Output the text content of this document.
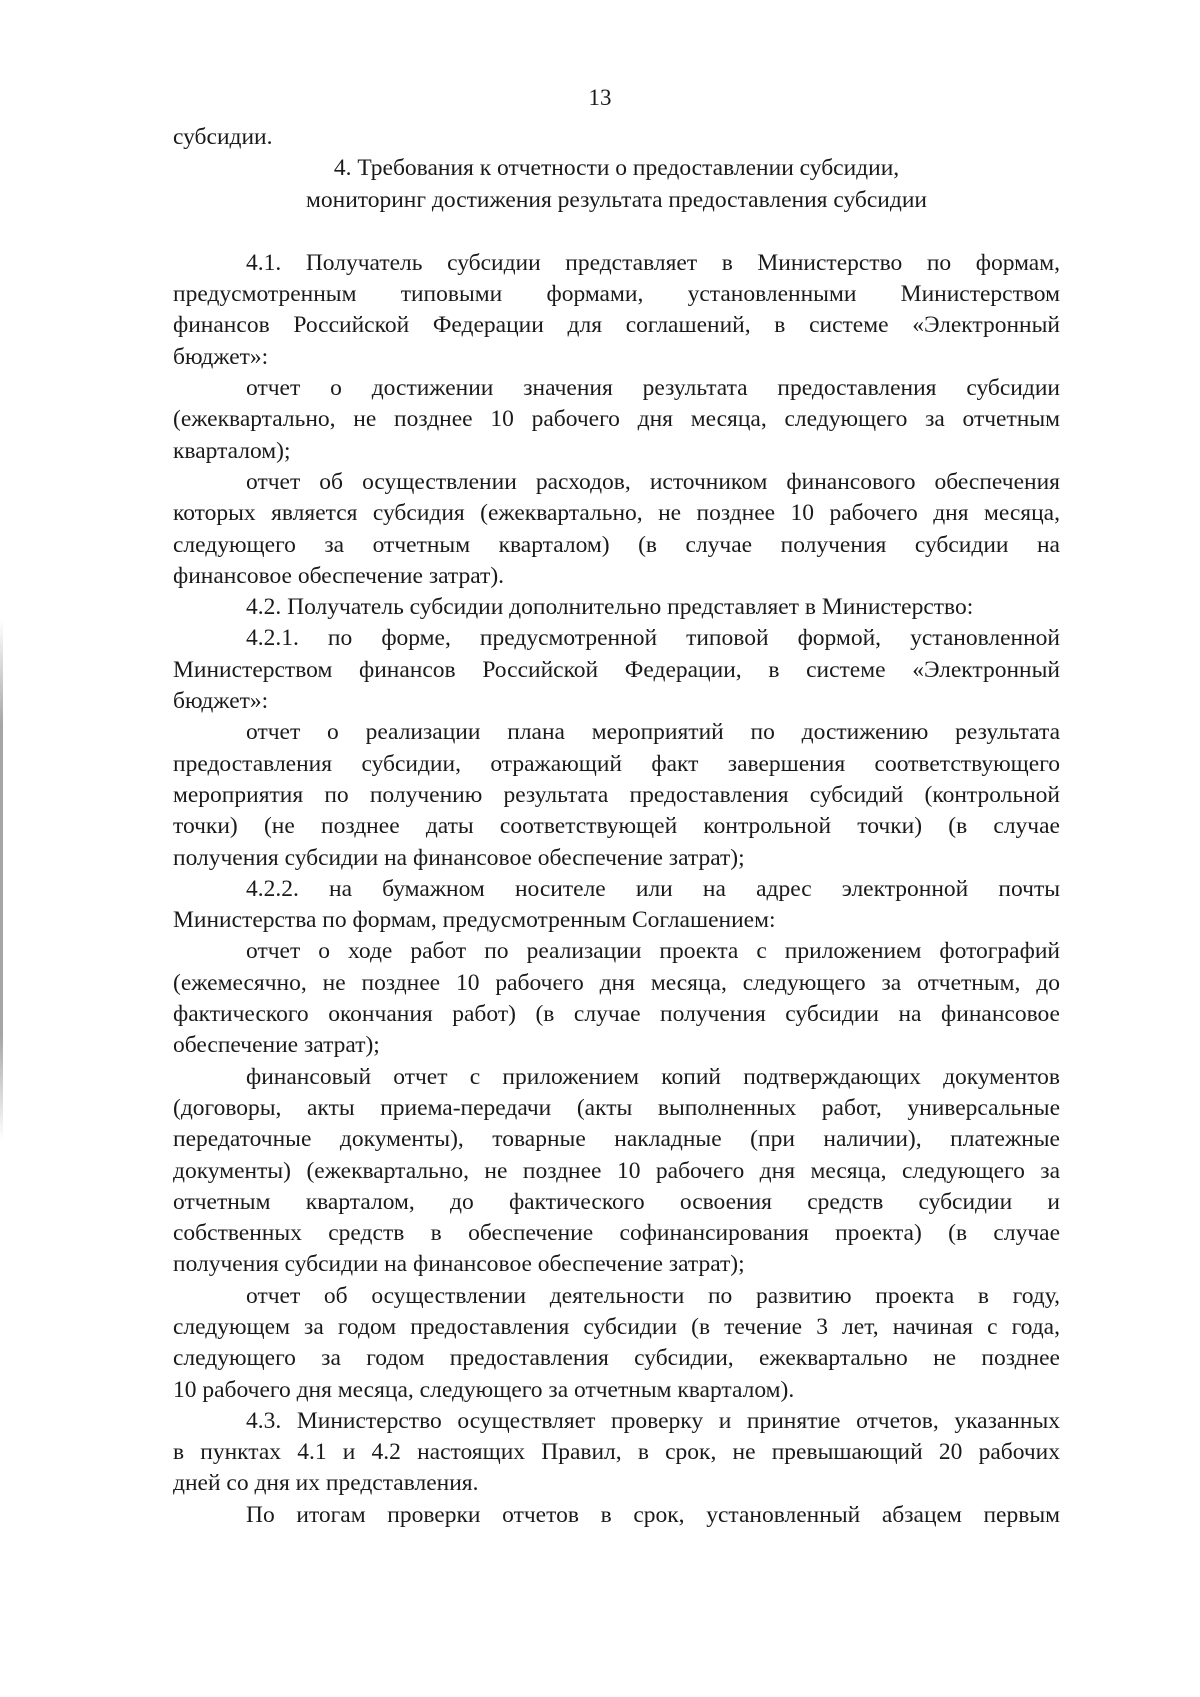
13
субсидии.
4. Требования к отчетности о предоставлении субсидии,
мониторинг достижения результата предоставления субсидии
4.1. Получатель субсидии представляет в Министерство по формам,
предусмотренным типовыми формами, установленными Министерством
финансов Российской Федерации для соглашений, в системе «Электронный
бюджет»:
отчет о достижении значения результата предоставления субсидии
(ежеквартально, не позднее 10 рабочего дня месяца, следующего за отчетным
кварталом);
отчет об осуществлении расходов, источником финансового обеспечения
которых является субсидия (ежеквартально, не позднее 10 рабочего дня месяца,
следующего за отчетным кварталом) (в случае получения субсидии на
финансовое обеспечение затрат).
4.2. Получатель субсидии дополнительно представляет в Министерство:
4.2.1. по форме, предусмотренной типовой формой, установленной
Министерством финансов Российской Федерации, в системе «Электронный
бюджет»:
отчет о реализации плана мероприятий по достижению результата
предоставления субсидии, отражающий факт завершения соответствующего
мероприятия по получению результата предоставления субсидий (контрольной
точки) (не позднее даты соответствующей контрольной точки) (в случае
получения субсидии на финансовое обеспечение затрат);
4.2.2. на бумажном носителе или на адрес электронной почты
Министерства по формам, предусмотренным Соглашением:
отчет о ходе работ по реализации проекта с приложением фотографий
(ежемесячно, не позднее 10 рабочего дня месяца, следующего за отчетным, до
фактического окончания работ) (в случае получения субсидии на финансовое
обеспечение затрат);
финансовый отчет с приложением копий подтверждающих документов
(договоры, акты приема-передачи (акты выполненных работ, универсальные
передаточные документы), товарные накладные (при наличии), платежные
документы) (ежеквартально, не позднее 10 рабочего дня месяца, следующего за
отчетным кварталом, до фактического освоения средств субсидии и
собственных средств в обеспечение софинансирования проекта) (в случае
получения субсидии на финансовое обеспечение затрат);
отчет об осуществлении деятельности по развитию проекта в году,
следующем за годом предоставления субсидии (в течение 3 лет, начиная с года,
следующего за годом предоставления субсидии, ежеквартально не позднее
10 рабочего дня месяца, следующего за отчетным кварталом).
4.3. Министерство осуществляет проверку и принятие отчетов, указанных
в пунктах 4.1 и 4.2 настоящих Правил, в срок, не превышающий 20 рабочих
дней со дня их представления.
По итогам проверки отчетов в срок, установленный абзацем первым
